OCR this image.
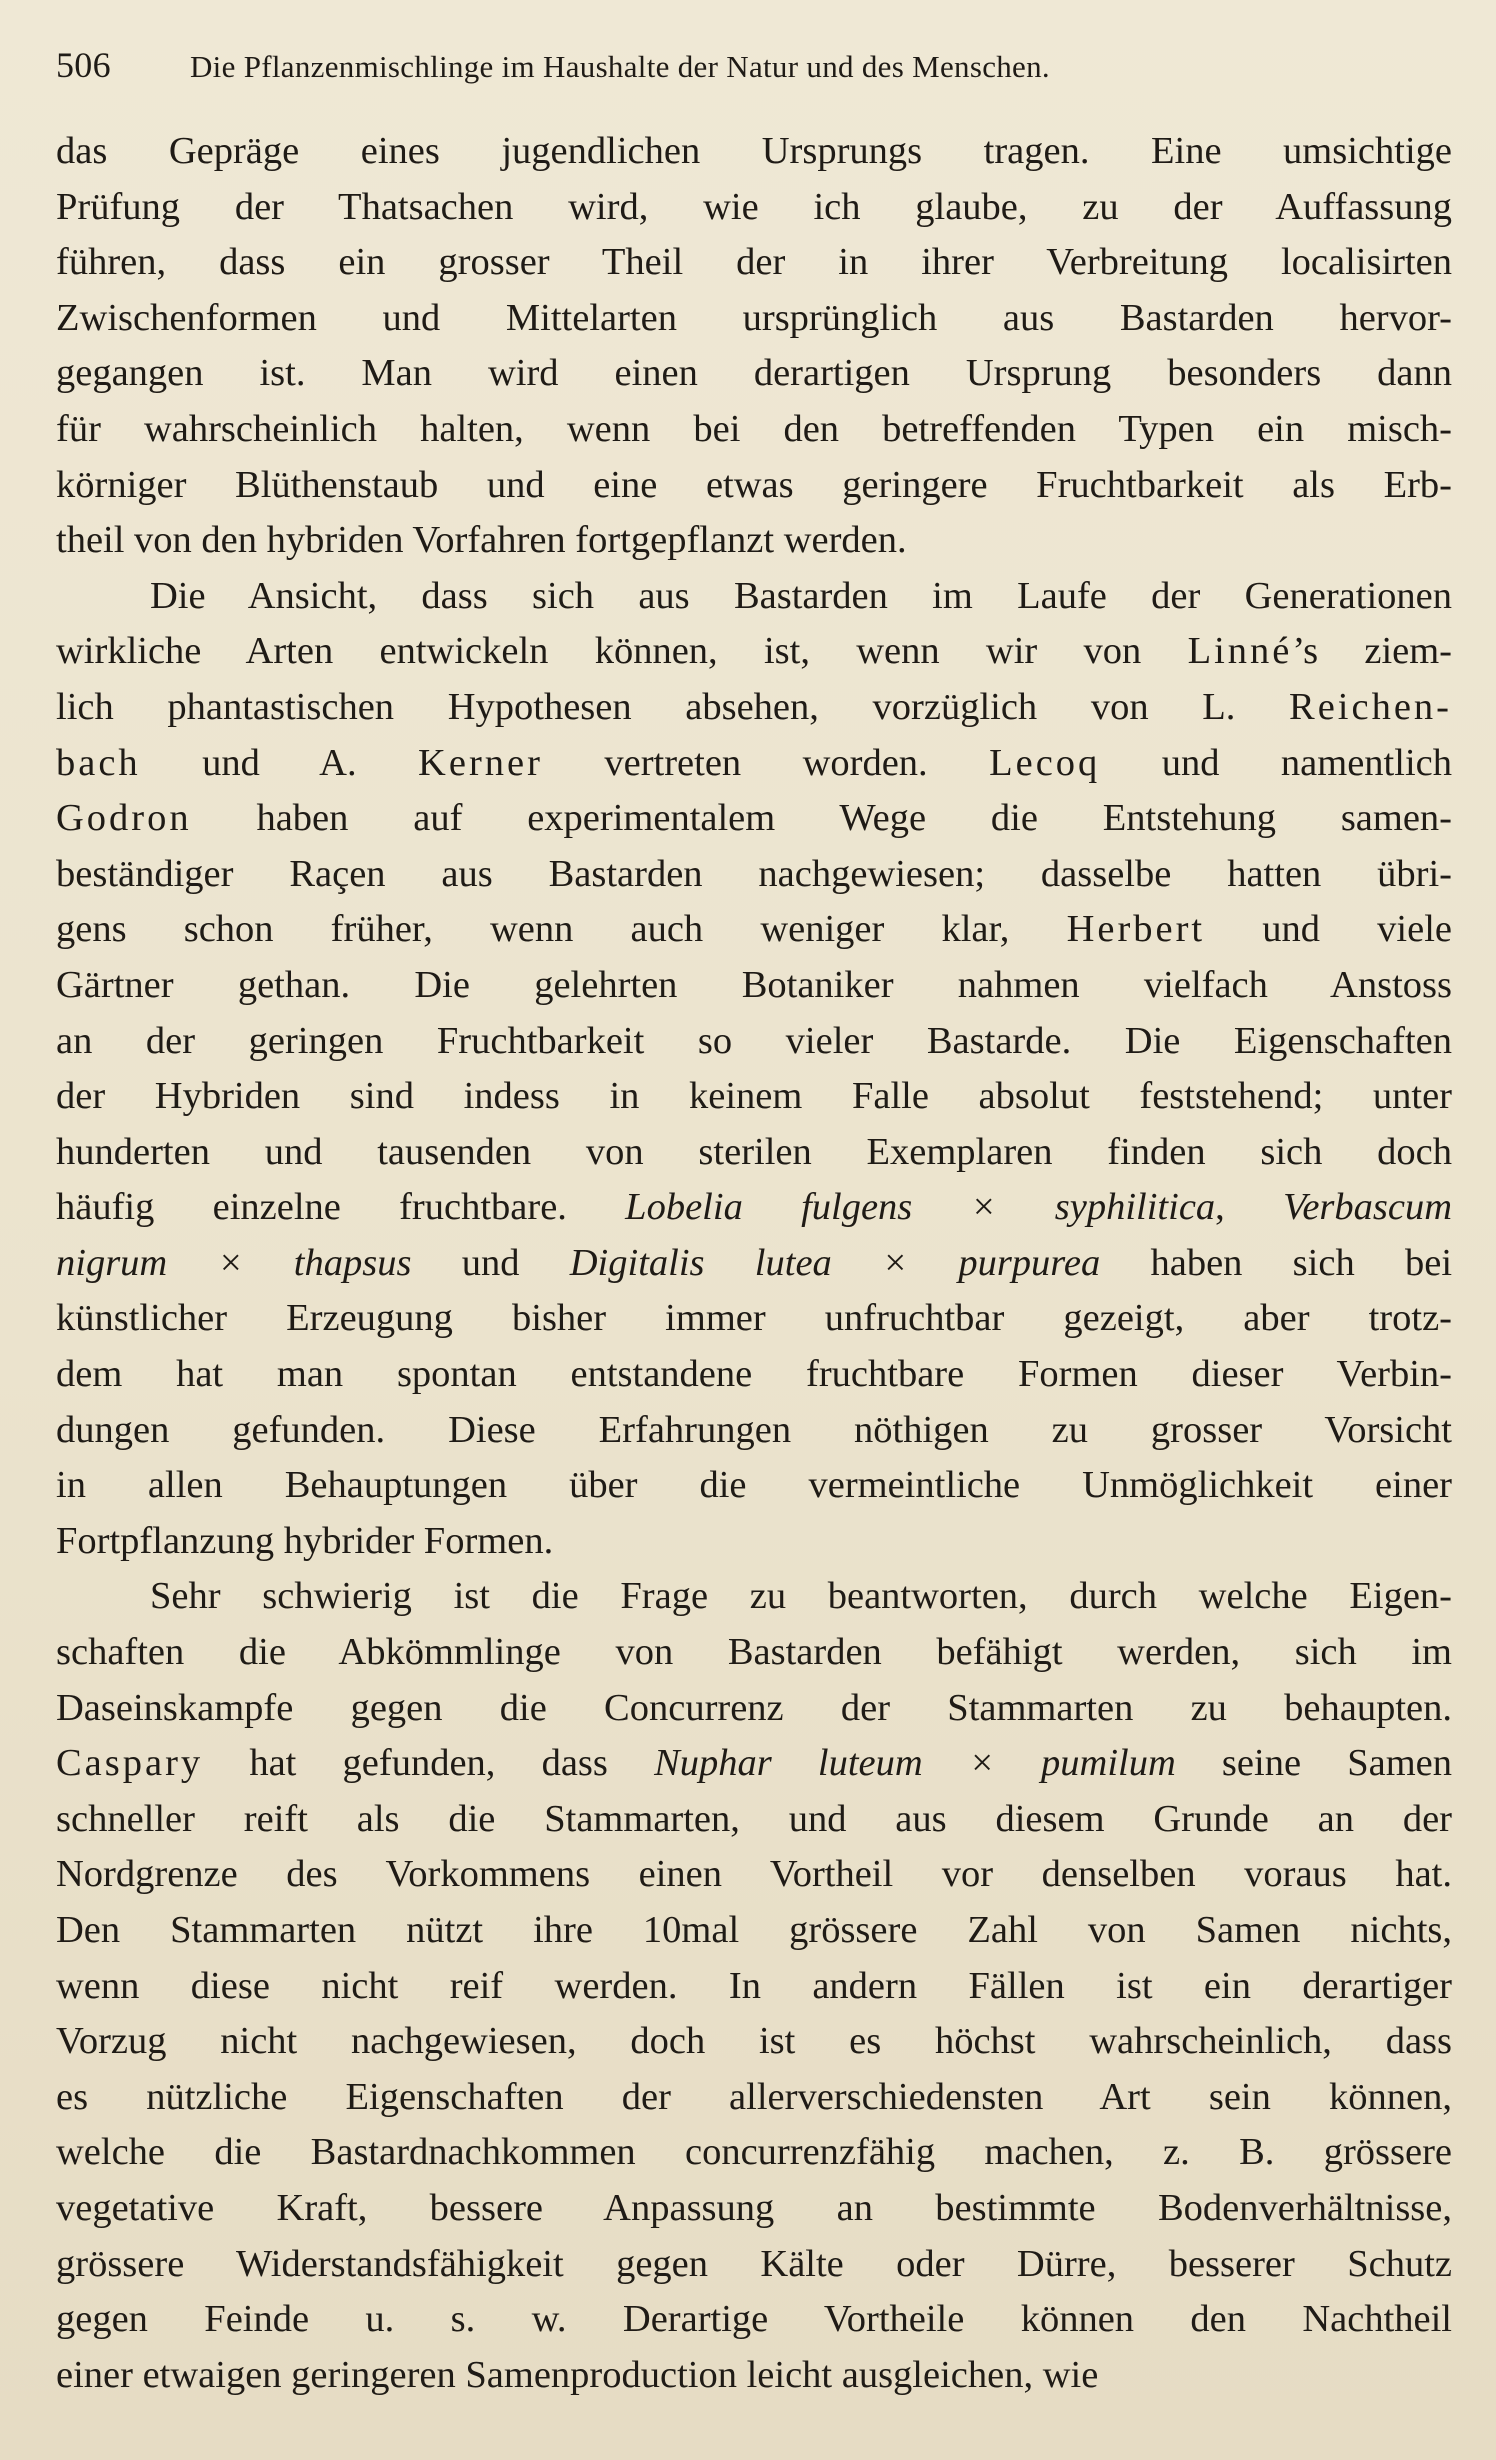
506	Die Pflanzenmischlinge im Haushalte der Natur und des Menschen.
das Gepräge eines jugendlichen Ursprungs tragen. Eine umsichtige
Prüfung der Thatsachen wird, wie ich glaube, zu der Auffassung
führen, dass ein grosser Theil der in ihrer Verbreitung localisirten
Zwischenformen und Mittelarten ursprünglich aus Bastarden hervor-
gegangen ist. Man wird einen derartigen Ursprung besonders dann
für wahrscheinlich halten, wenn bei den betreffenden Typen ein misch-
körniger Blüthenstaub und eine etwas geringere Fruchtbarkeit als Erb-
theil von den hybriden Vorfahren fortgepflanzt werden.
Die Ansicht, dass sich aus Bastarden im Laufe der Generationen
wirkliche Arten entwickeln können, ist, wenn wir von Linné’s ziem-
lich phantastischen Hypothesen absehen, vorzüglich von L. Reichen-
bach und A. Kerner vertreten worden. Lecoq und namentlich
Godron haben auf experimentalem Wege die Entstehung samen-
beständiger Raçen aus Bastarden nachgewiesen; dasselbe hatten übri-
gens schon früher, wenn auch weniger klar, Herbert und viele
Gärtner gethan. Die gelehrten Botaniker nahmen vielfach Anstoss
an der geringen Fruchtbarkeit so vieler Bastarde. Die Eigenschaften
der Hybriden sind indess in keinem Falle absolut feststehend; unter
hunderten und tausenden von sterilen Exemplaren finden sich doch
häufig einzelne fruchtbare. Lobelia fulgens × syphilitica, Verbascum
nigrum × thapsus und Digitalis lutea × purpurea haben sich bei
künstlicher Erzeugung bisher immer unfruchtbar gezeigt, aber trotz-
dem hat man spontan entstandene fruchtbare Formen dieser Verbin-
dungen gefunden. Diese Erfahrungen nöthigen zu grosser Vorsicht
in allen Behauptungen über die vermeintliche Unmöglichkeit einer
Fortpflanzung hybrider Formen.
Sehr schwierig ist die Frage zu beantworten, durch welche Eigen-
schaften die Abkömmlinge von Bastarden befähigt werden, sich im
Daseinskampfe gegen die Concurrenz der Stammarten zu behaupten.
Caspary hat gefunden, dass Nuphar luteum × pumilum seine Samen
schneller reift als die Stammarten, und aus diesem Grunde an der
Nordgrenze des Vorkommens einen Vortheil vor denselben voraus hat.
Den Stammarten nützt ihre 10mal grössere Zahl von Samen nichts,
wenn diese nicht reif werden. In andern Fällen ist ein derartiger
Vorzug nicht nachgewiesen, doch ist es höchst wahrscheinlich, dass
es nützliche Eigenschaften der allerverschiedensten Art sein können,
welche die Bastardnachkommen concurrenzfähig machen, z. B. grössere
vegetative Kraft, bessere Anpassung an bestimmte Bodenverhältnisse,
grössere Widerstandsfähigkeit gegen Kälte oder Dürre, besserer Schutz
gegen Feinde u. s. w. Derartige Vortheile können den Nachtheil
einer etwaigen geringeren Samenproduction leicht ausgleichen, wie
